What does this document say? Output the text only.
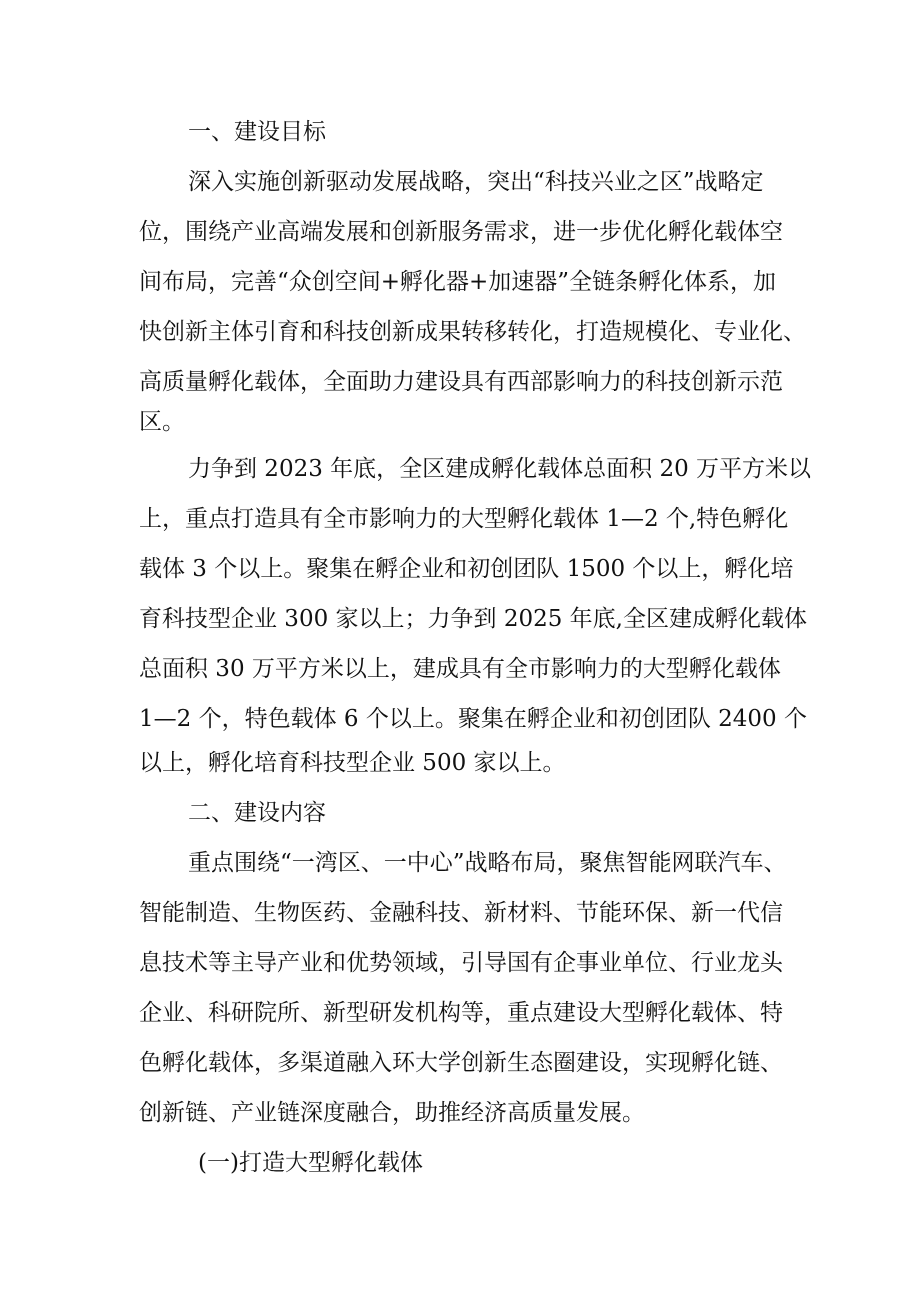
一、建设目标
深入实施创新驱动发展战略，突出“科技兴业之区”战略定
位，围绕产业高端发展和创新服务需求，进一步优化孵化载体空
间布局，完善“众创空间+孵化器+加速器”全链条孵化体系，加
快创新主体引育和科技创新成果转移转化，打造规模化、专业化、
高质量孵化载体，全面助力建设具有西部影响力的科技创新示范
区。
力争到 2023 年底，全区建成孵化载体总面积 20 万平方米以
上，重点打造具有全市影响力的大型孵化载体 1—2 个,特色孵化
载体 3 个以上。聚集在孵企业和初创团队 1500 个以上，孵化培
育科技型企业 300 家以上；力争到 2025 年底,全区建成孵化载体
总面积 30 万平方米以上，建成具有全市影响力的大型孵化载体
1—2 个，特色载体 6 个以上。聚集在孵企业和初创团队 2400 个
以上，孵化培育科技型企业 500 家以上。
二、建设内容
重点围绕“一湾区、一中心”战略布局，聚焦智能网联汽车、
智能制造、生物医药、金融科技、新材料、节能环保、新一代信
息技术等主导产业和优势领域，引导国有企事业单位、行业龙头
企业、科研院所、新型研发机构等，重点建设大型孵化载体、特
色孵化载体，多渠道融入环大学创新生态圈建设，实现孵化链、
创新链、产业链深度融合，助推经济高质量发展。
(一)打造大型孵化载体
